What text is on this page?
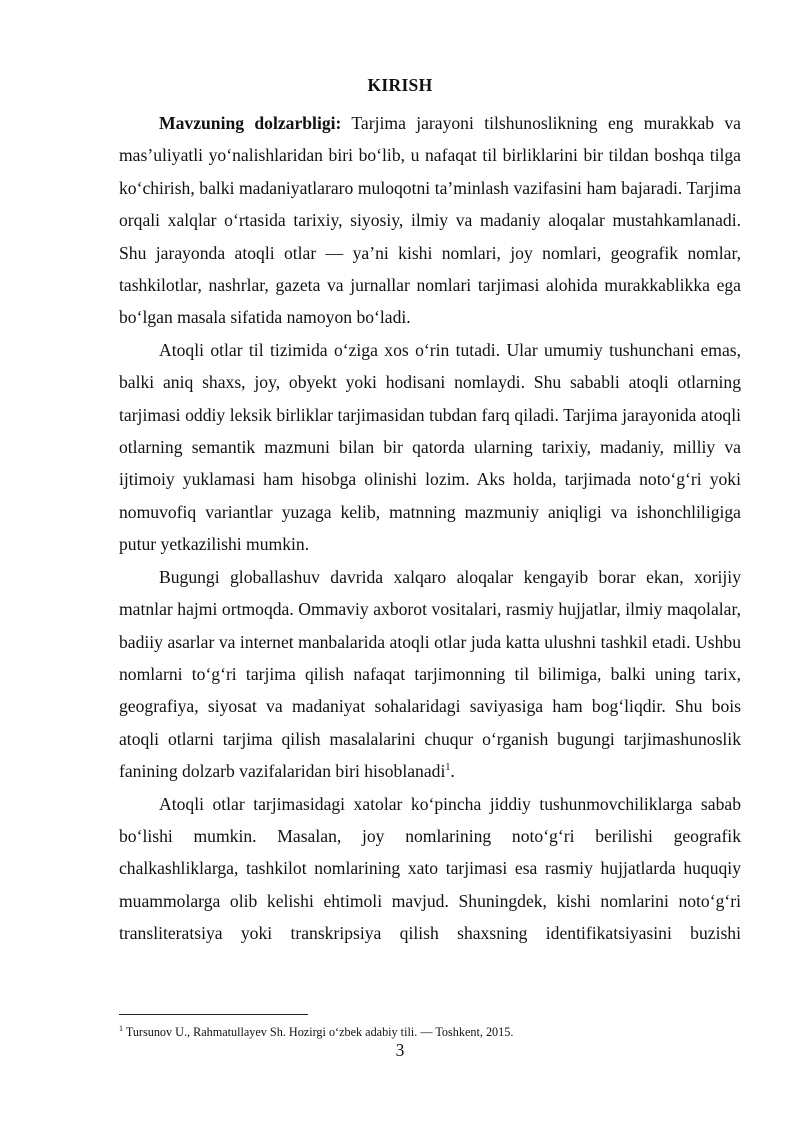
KIRISH

Mavzuning dolzarbligi: Tarjima jarayoni tilshunoslikning eng murakkab va mas’uliyatli yo‘nalishlaridan biri bo‘lib, u nafaqat til birliklarini bir tildan boshqa tilga ko‘chirish, balki madaniyatlararo muloqotni ta’minlash vazifasini ham bajaradi. Tarjima orqali xalqlar o‘rtasida tarixiy, siyosiy, ilmiy va madaniy aloqalar mustahkamlanadi. Shu jarayonda atoqli otlar — ya’ni kishi nomlari, joy nomlari, geografik nomlar, tashkilotlar, nashrlar, gazeta va jurnallar nomlari tarjimasi alohida murakkablikka ega bo‘lgan masala sifatida namoyon bo‘ladi.

Atoqli otlar til tizimida o‘ziga xos o‘rin tutadi. Ular umumiy tushunchani emas, balki aniq shaxs, joy, obyekt yoki hodisani nomlaydi. Shu sababli atoqli otlarning tarjimasi oddiy leksik birliklar tarjimasidan tubdan farq qiladi. Tarjima jarayonida atoqli otlarning semantik mazmuni bilan bir qatorda ularning tarixiy, madaniy, milliy va ijtimoiy yuklamasi ham hisobga olinishi lozim. Aks holda, tarjimada noto‘g‘ri yoki nomuvofiq variantlar yuzaga kelib, matnning mazmuniy aniqligi va ishonchliligiga putur yetkazilishi mumkin.

Bugungi globallashuv davrida xalqaro aloqalar kengayib borar ekan, xorijiy matnlar hajmi ortmoqda. Ommaviy axborot vositalari, rasmiy hujjatlar, ilmiy maqolalar, badiiy asarlar va internet manbalarida atoqli otlar juda katta ulushni tashkil etadi. Ushbu nomlarni to‘g‘ri tarjima qilish nafaqat tarjimonning til bilimiga, balki uning tarix, geografiya, siyosat va madaniyat sohalaridagi saviyasiga ham bog‘liqdir. Shu bois atoqli otlarni tarjima qilish masalalarini chuqur o‘rganish bugungi tarjimashunoslik fanining dolzarb vazifalaridan biri hisoblanadi$^1$.

Atoqli otlar tarjimasidagi xatolar ko‘pincha jiddiy tushunmovchiliklarga sabab bo‘lishi mumkin. Masalan, joy nomlarining noto‘g‘ri berilishi geografik chalkashliklarga, tashkilot nomlarining xato tarjimasi esa rasmiy hujjatlarda huquqiy muammolarga olib kelishi ehtimoli mavjud. Shuningdek, kishi nomlarini noto‘g‘ri transliteratsiya yoki transkripsiya qilish shaxsning identifikatsiyasini buzishi

$^1$ Tursunov U., Rahmatullayev Sh. Hozirgi o‘zbek adabiy tili. — Toshkent, 2015.
3
